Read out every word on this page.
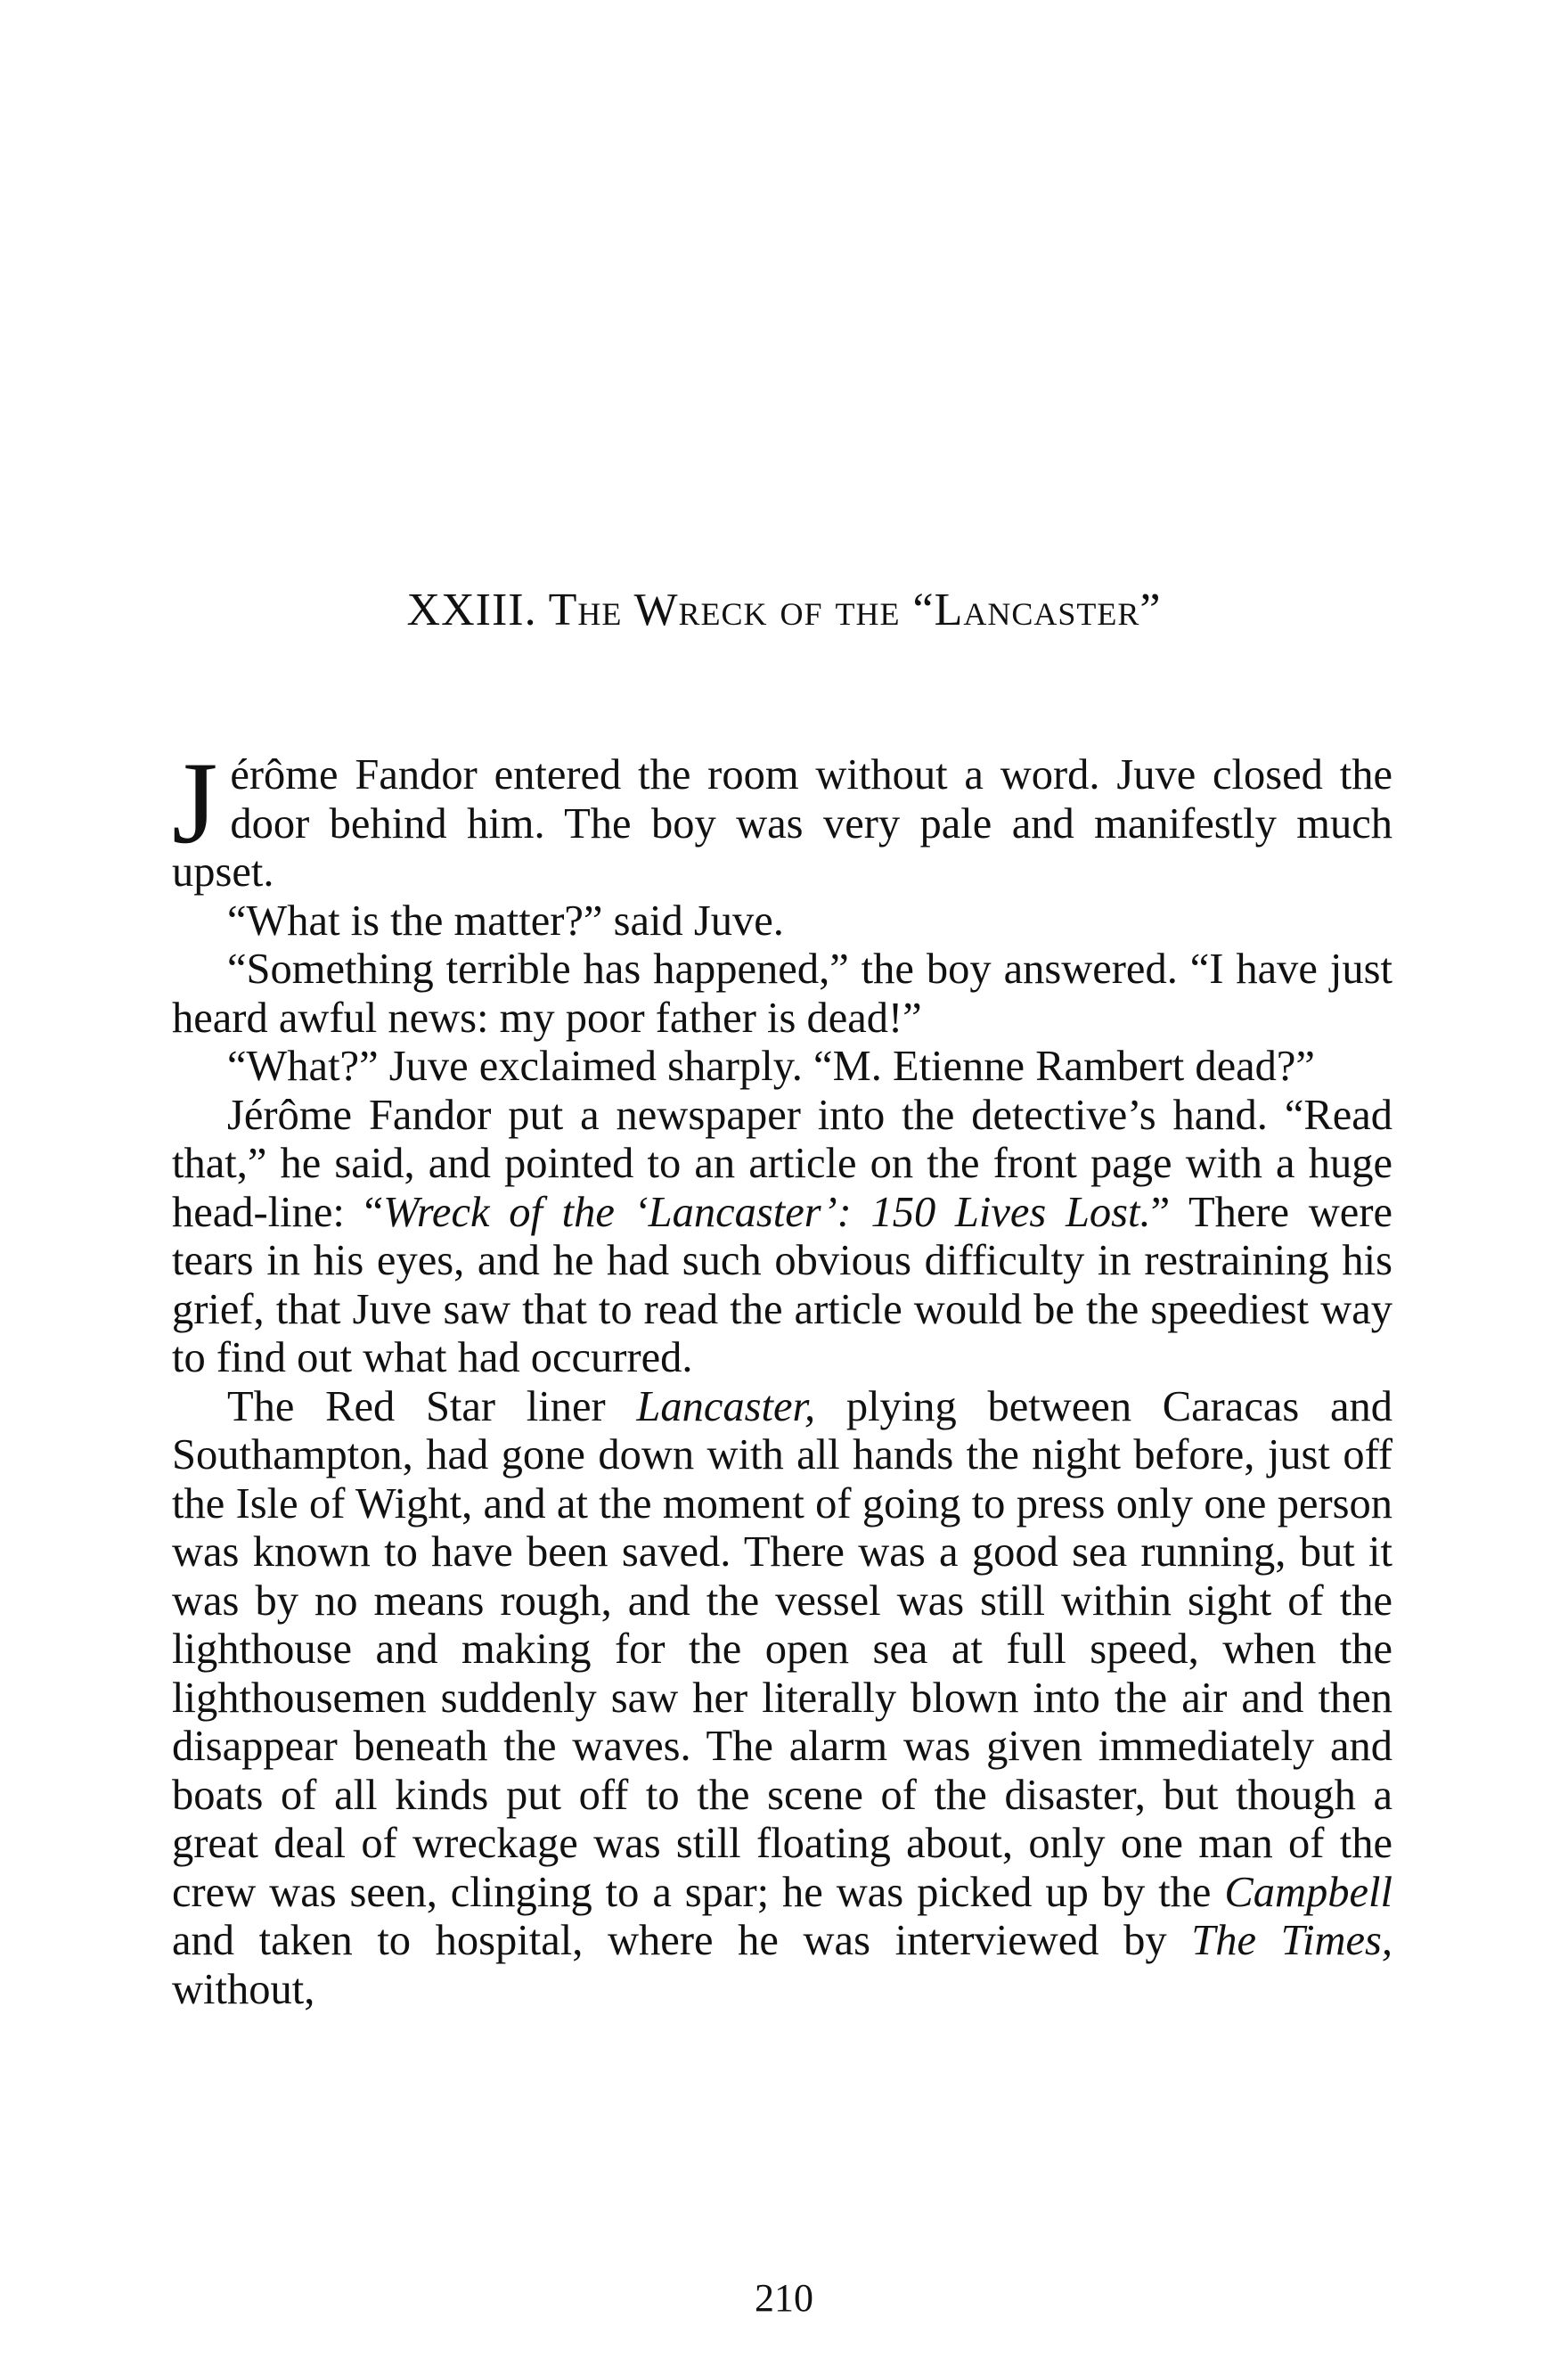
XXIII. The Wreck of the “Lancaster”

Jérôme Fandor entered the room without a word. Juve closed the door behind him. The boy was very pale and manifestly much upset.

“What is the matter?” said Juve.

“Something terrible has happened,” the boy answered. “I have just heard awful news: my poor father is dead!”

“What?” Juve exclaimed sharply. “M. Etienne Rambert dead?”

Jérôme Fandor put a newspaper into the detective’s hand. “Read that,” he said, and pointed to an article on the front page with a huge head-line: “Wreck of the ‘Lancaster’: 150 Lives Lost.” There were tears in his eyes, and he had such obvious difficulty in restraining his grief, that Juve saw that to read the article would be the speediest way to find out what had occurred.

The Red Star liner Lancaster, plying between Caracas and Southampton, had gone down with all hands the night before, just off the Isle of Wight, and at the moment of going to press only one person was known to have been saved. There was a good sea running, but it was by no means rough, and the vessel was still within sight of the lighthouse and making for the open sea at full speed, when the lighthousemen suddenly saw her literally blown into the air and then disappear beneath the waves. The alarm was given immediately and boats of all kinds put off to the scene of the disaster, but though a great deal of wreckage was still floating about, only one man of the crew was seen, clinging to a spar; he was picked up by the Campbell and taken to hospital, where he was interviewed by The Times, without,

210
